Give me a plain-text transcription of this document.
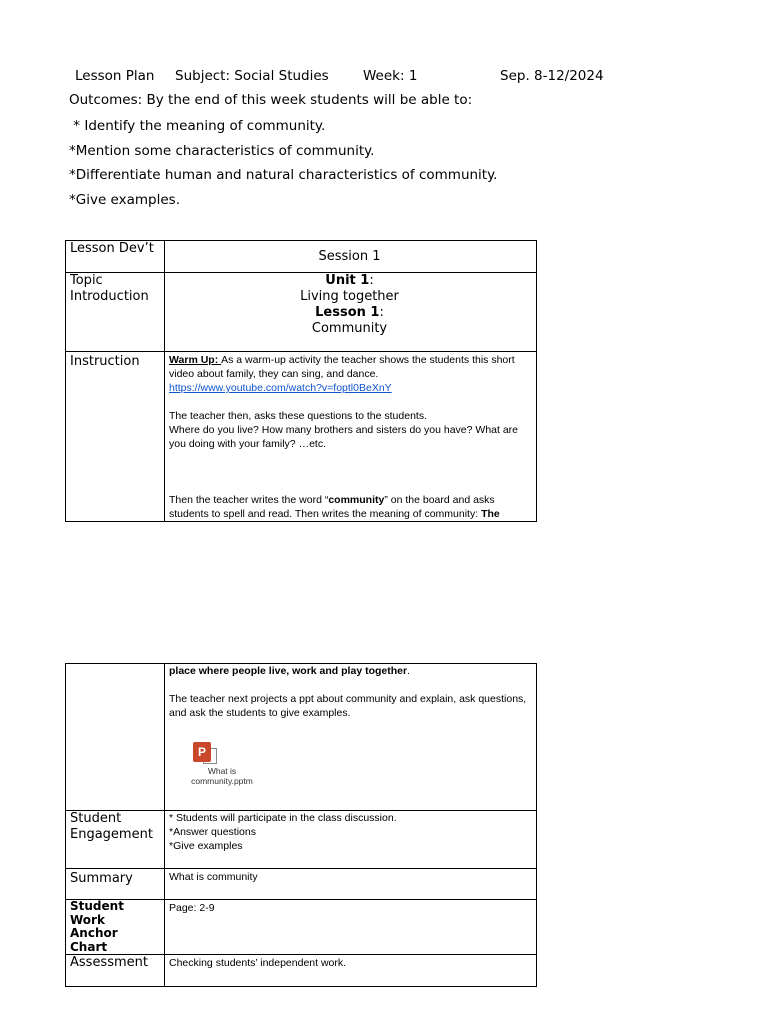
Lesson Plan Subject: Social Studies	Week: 1	Sep. 8-12/2024
Outcomes: By the end of this week students will be able to:
* Identify the meaning of community.
*Mention some characteristics of community.
*Differentiate human and natural characteristics of community.
*Give examples.
Lesson Dev’t	Session 1
Topic Introduction	Unit 1:
Living together
Lesson 1:
Community

Instruction	Warm Up: As a warm-up activity the teacher shows the students this short video about family, they can sing, and dance.
https://www.youtube.com/watch?v=foptl0BeXnY
The teacher then, asks these questions to the students.
Where do you live? How many brothers and sisters do you have? What are you doing with your family? …etc.
Then the teacher writes the word “community” on the board and asks students to spell and read. Then writes the meaning of community: The

	place where people live, work and play together.
The teacher next projects a ppt about community and explain, ask questions, and ask the students to give examples.
P
What is community.pptm

Student Engagement	* Students will participate in the class discussion.
*Answer questions
*Give examples

Summary	What is community
Student Work Anchor Chart	Page: 2-9
Assessment	Checking students’ independent work.
